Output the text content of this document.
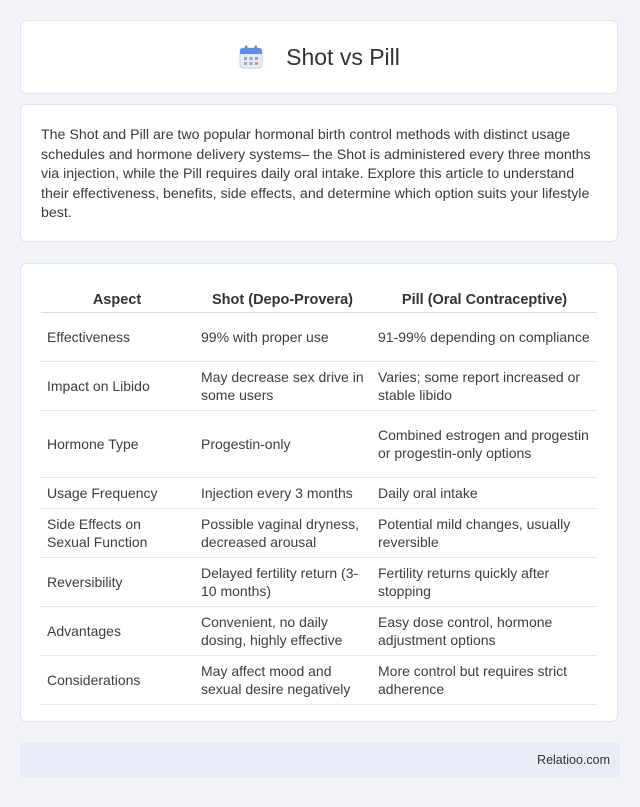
Shot vs Pill

The Shot and Pill are two popular hormonal birth control methods with distinct usage schedules and hormone delivery systems– the Shot is administered every three months via injection, while the Pill requires daily oral intake. Explore this article to understand their effectiveness, benefits, side effects, and determine which option suits your lifestyle best.

Aspect	Shot (Depo-Provera)	Pill (Oral Contraceptive)
Effectiveness	99% with proper use	91-99% depending on compliance
Impact on Libido	May decrease sex drive in some users	Varies; some report increased or stable libido
Hormone Type	Progestin-only	Combined estrogen and progestin or progestin-only options
Usage Frequency	Injection every 3 months	Daily oral intake
Side Effects on Sexual Function	Possible vaginal dryness, decreased arousal	Potential mild changes, usually reversible
Reversibility	Delayed fertility return (3-10 months)	Fertility returns quickly after stopping
Advantages	Convenient, no daily dosing, highly effective	Easy dose control, hormone adjustment options
Considerations	May affect mood and sexual desire negatively	More control but requires strict adherence
Relatioo.com
